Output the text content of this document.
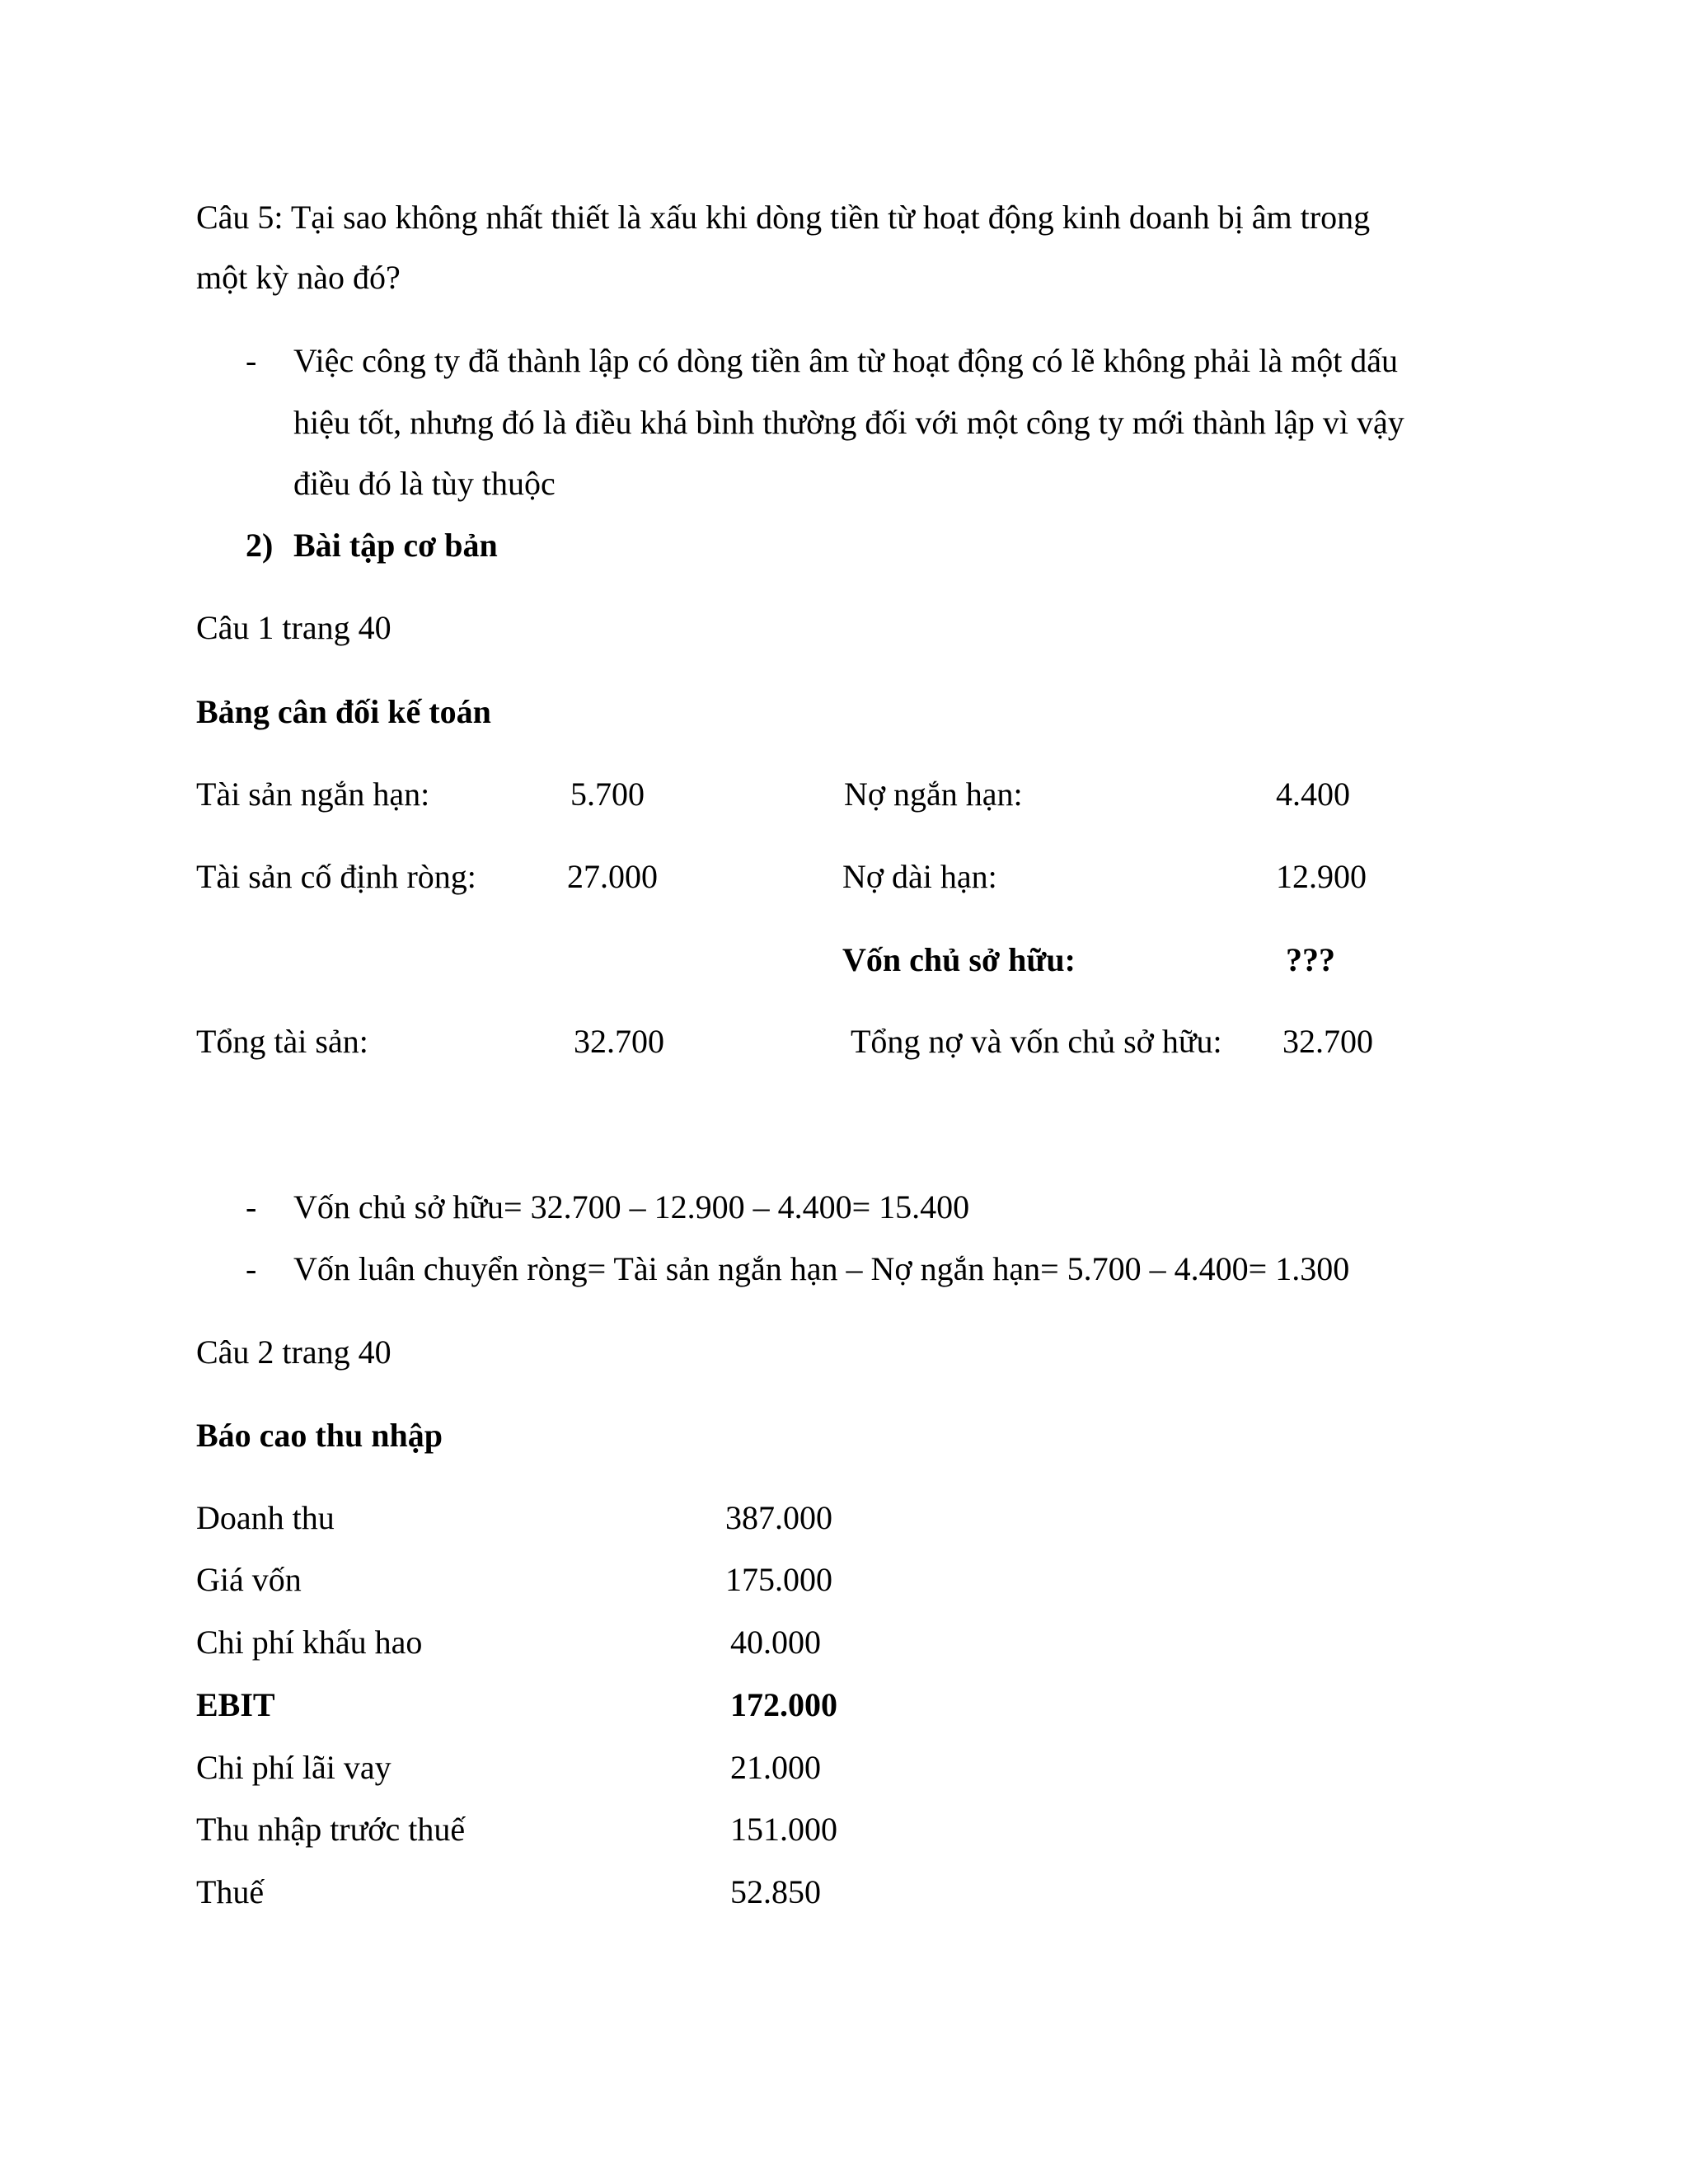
Câu 5: Tại sao không nhất thiết là xấu khi dòng tiền từ hoạt động kinh doanh bị âm trong
một kỳ nào đó?
- Việc công ty đã thành lập có dòng tiền âm từ hoạt động có lẽ không phải là một dấu
hiệu tốt, nhưng đó là điều khá bình thường đối với một công ty mới thành lập vì vậy
điều đó là tùy thuộc
2) Bài tập cơ bản
Câu 1 trang 40
Bảng cân đối kế toán
Tài sản ngắn hạn:	5.700	Nợ ngắn hạn:	4.400
Tài sản cố định ròng:	27.000	Nợ dài hạn:	12.900
Vốn chủ sở hữu:	???
Tổng tài sản:	32.700	Tổng nợ và vốn chủ sở hữu: 32.700
- Vốn chủ sở hữu= 32.700 – 12.900 – 4.400= 15.400
- Vốn luân chuyển ròng= Tài sản ngắn hạn – Nợ ngắn hạn= 5.700 – 4.400= 1.300
Câu 2 trang 40
Báo cao thu nhập
Doanh thu	387.000
Giá vốn	175.000
Chi phí khấu hao	40.000
EBIT	172.000
Chi phí lãi vay	21.000
Thu nhập trước thuế	151.000
Thuế	52.850
